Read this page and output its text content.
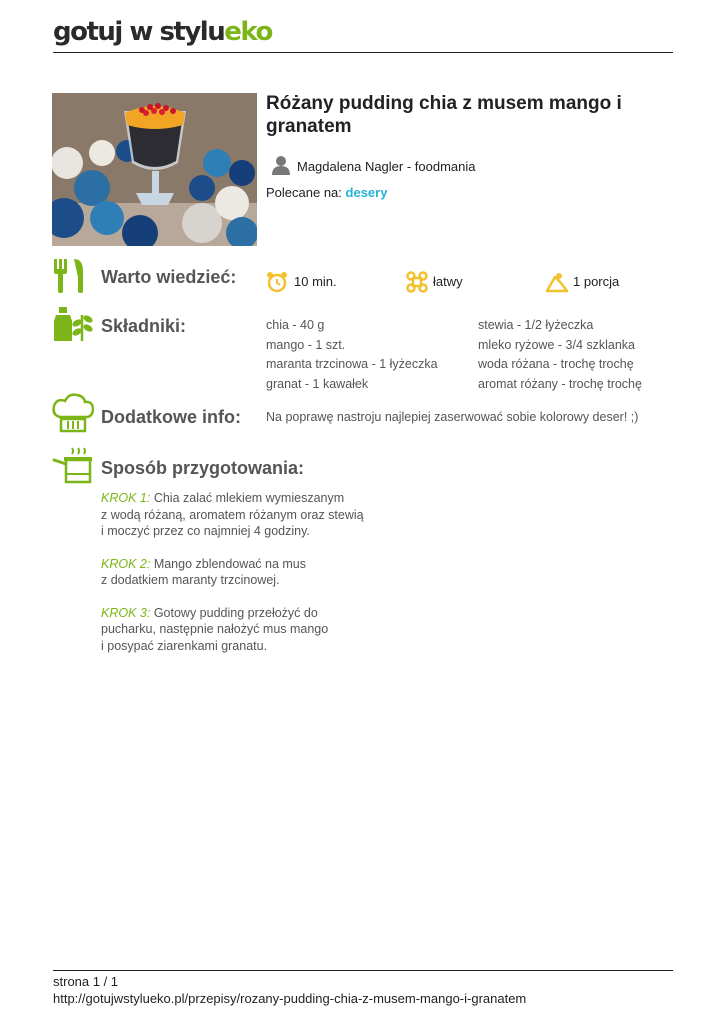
gotuj w stylueko
Różany pudding chia z musem mango i granatem
Magdalena Nagler - foodmania
Polecane na: desery
Warto wiedzieć:	10 min.	łatwy	1 porcja
Składniki:	chia - 40 g
mango - 1 szt.
maranta trzcinowa - 1 łyżeczka
granat - 1 kawałek
stewia - 1/2 łyżeczka
mleko ryżowe - 3/4 szklanka
woda różana - trochę trochę
aromat różany - trochę trochę
Dodatkowe info: Na poprawę nastroju najlepiej zaserwować sobie kolorowy deser! ;)
Sposób przygotowania:
KROK 1: Chia zalać mlekiem wymieszanym
z wodą różaną, aromatem różanym oraz stewią
i moczyć przez co najmniej 4 godziny.
KROK 2: Mango zblendować na mus
z dodatkiem maranty trzcinowej.
KROK 3: Gotowy pudding przełożyć do
pucharku, następnie nałożyć mus mango
i posypać ziarenkami granatu.
strona 1 / 1
http://gotujwstylueko.pl/przepisy/rozany-pudding-chia-z-musem-mango-i-granatem
